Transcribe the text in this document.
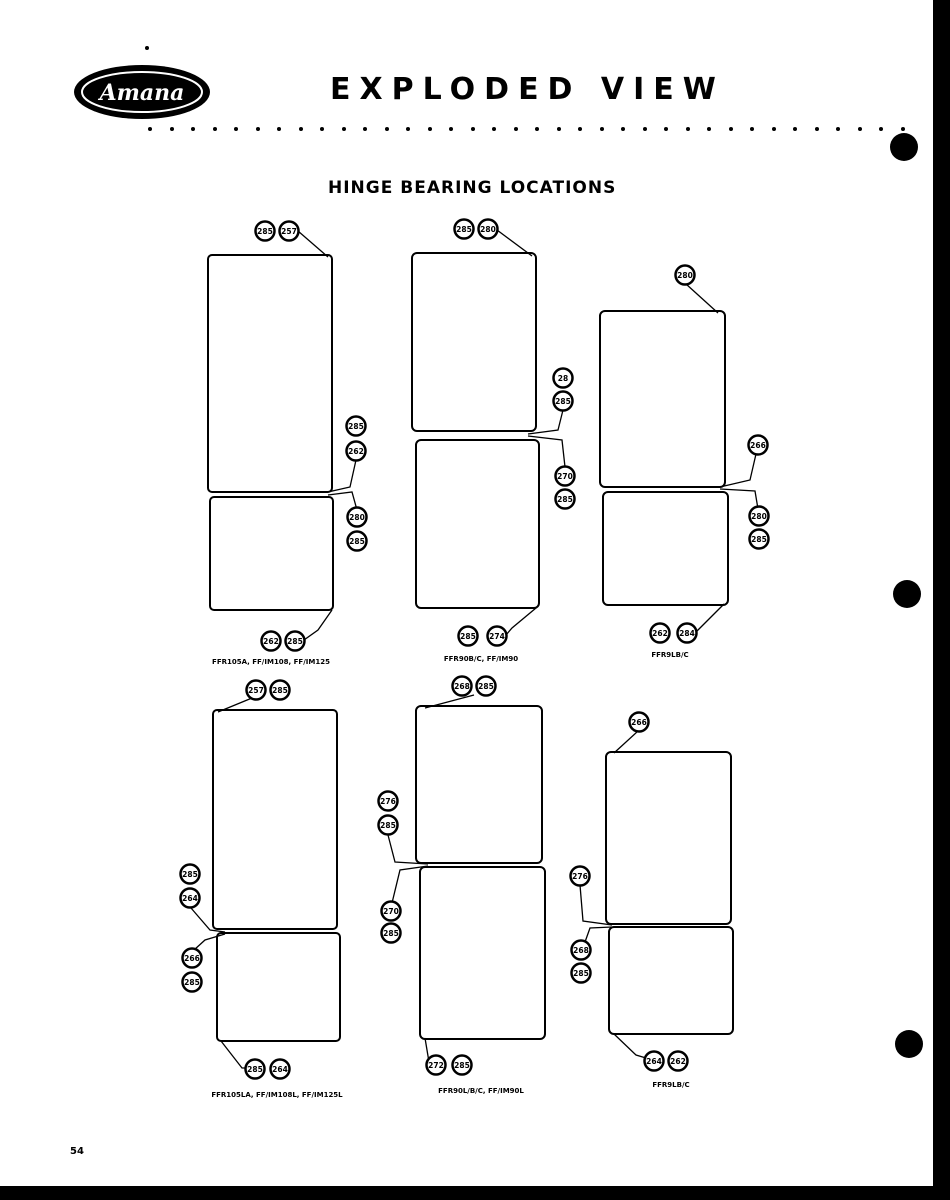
Amana	EXPLODED VIEW
HINGE BEARING LOCATIONS
285 257
285
262
280
285
262 285
285 280
28
285
270
285
285 274
280
266
280
285
262 284
257 285
285
264
266
285
285 264
268 285
276
285
270
285
272 285
266
276
268
285
264 262
FFR105A, FF/IM108, FF/IM125	FFR90B/C, FF/IM90	FFR9LB/C
FFR105LA, FF/IM108L, FF/IM125L	FFR90L/B/C, FF/IM90L
FFR9LB/C
54
